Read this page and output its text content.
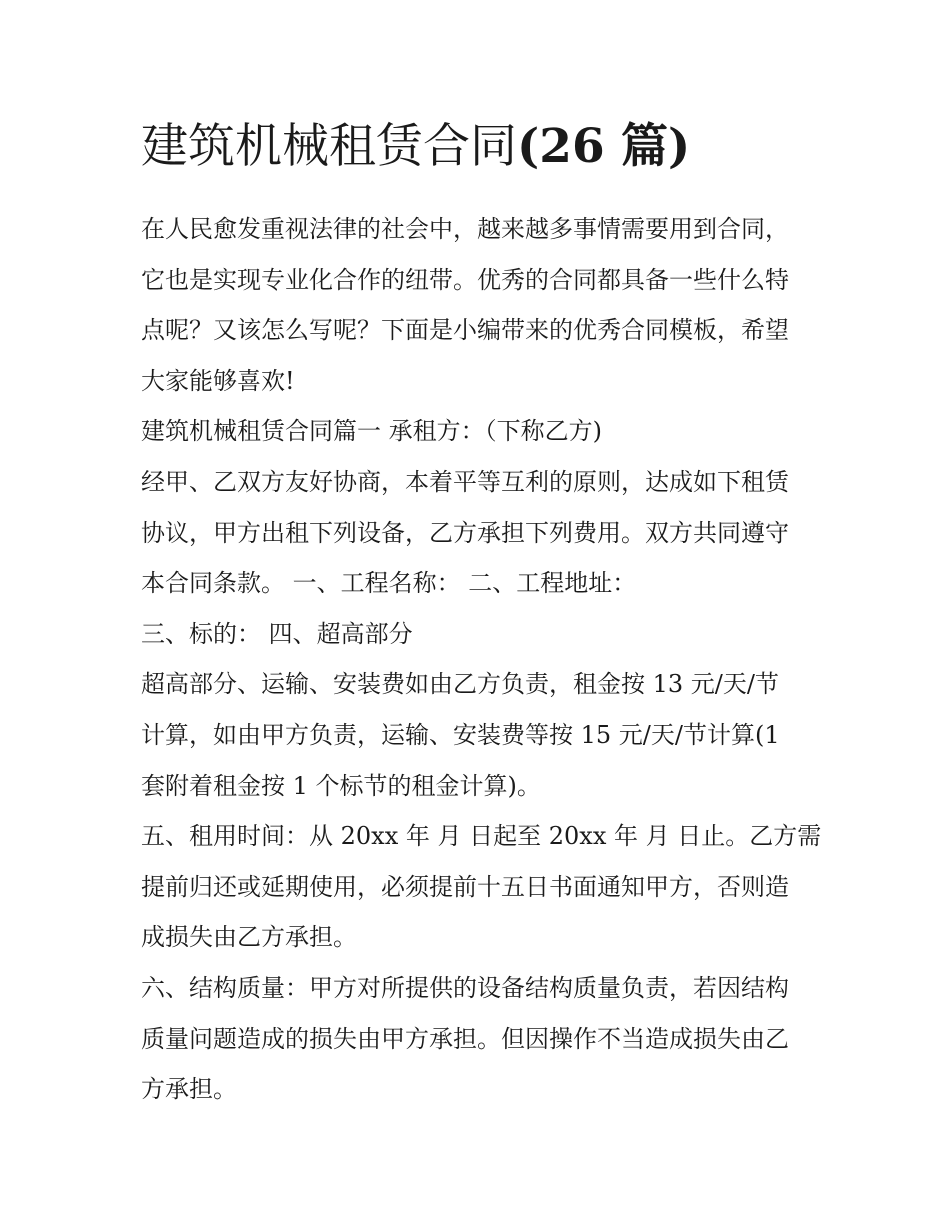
建筑机械租赁合同(26 篇)

在人民愈发重视法律的社会中，越来越多事情需要用到合同，

它也是实现专业化合作的纽带。优秀的合同都具备一些什么特

点呢？又该怎么写呢？下面是小编带来的优秀合同模板，希望

大家能够喜欢!

建筑机械租赁合同篇一 承租方：（下称乙方)

经甲、乙双方友好协商，本着平等互利的原则，达成如下租赁

协议，甲方出租下列设备，乙方承担下列费用。双方共同遵守

本合同条款。 一、工程名称： 二、工程地址：

三、标的： 四、超高部分

超高部分、运输、安装费如由乙方负责，租金按 13 元/天/节

计算，如由甲方负责，运输、安装费等按 15 元/天/节计算(1

套附着租金按 1 个标节的租金计算)。

五、租用时间：从 20xx 年 月 日起至 20xx 年 月 日止。乙方需

提前归还或延期使用，必须提前十五日书面通知甲方，否则造

成损失由乙方承担。

六、结构质量：甲方对所提供的设备结构质量负责，若因结构

质量问题造成的损失由甲方承担。但因操作不当造成损失由乙

方承担。
